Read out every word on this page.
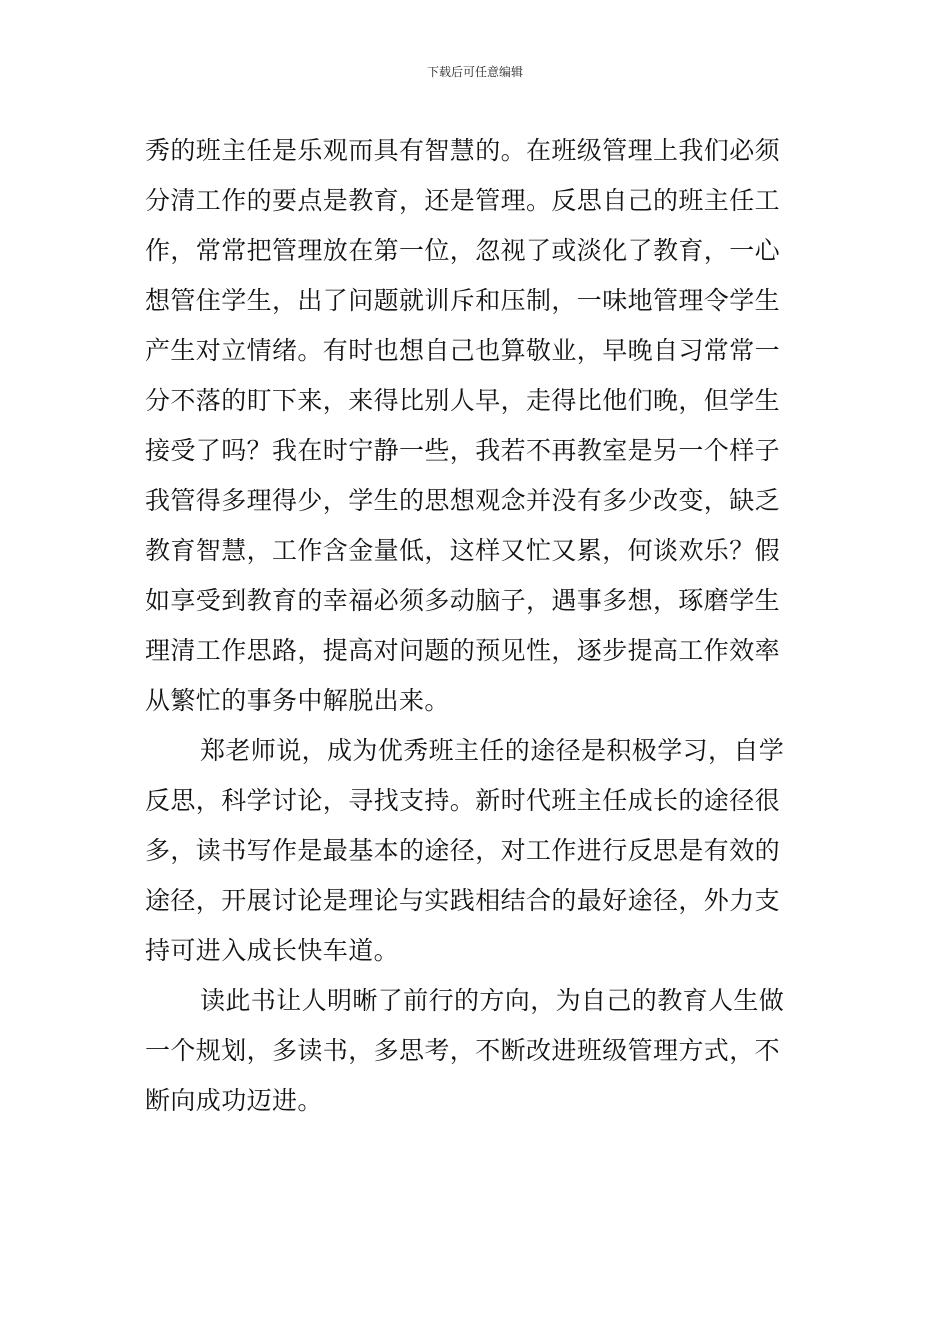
下载后可任意编辑
秀的班主任是乐观而具有智慧的。在班级管理上我们必须
分清工作的要点是教育，还是管理。反思自己的班主任工
作，常常把管理放在第一位，忽视了或淡化了教育，一心
想管住学生，出了问题就训斥和压制，一味地管理令学生
产生对立情绪。有时也想自己也算敬业，早晚自习常常一
分不落的盯下来，来得比别人早，走得比他们晚，但学生
接受了吗？我在时宁静一些，我若不再教室是另一个样子
我管得多理得少，学生的思想观念并没有多少改变，缺乏
教育智慧，工作含金量低，这样又忙又累，何谈欢乐？假
如享受到教育的幸福必须多动脑子，遇事多想，琢磨学生
理清工作思路，提高对问题的预见性，逐步提高工作效率
从繁忙的事务中解脱出来。
郑老师说，成为优秀班主任的途径是积极学习，自学
反思，科学讨论，寻找支持。新时代班主任成长的途径很
多，读书写作是最基本的途径，对工作进行反思是有效的
途径，开展讨论是理论与实践相结合的最好途径，外力支
持可进入成长快车道。
读此书让人明晰了前行的方向，为自己的教育人生做
一个规划，多读书，多思考，不断改进班级管理方式，不
断向成功迈进。
